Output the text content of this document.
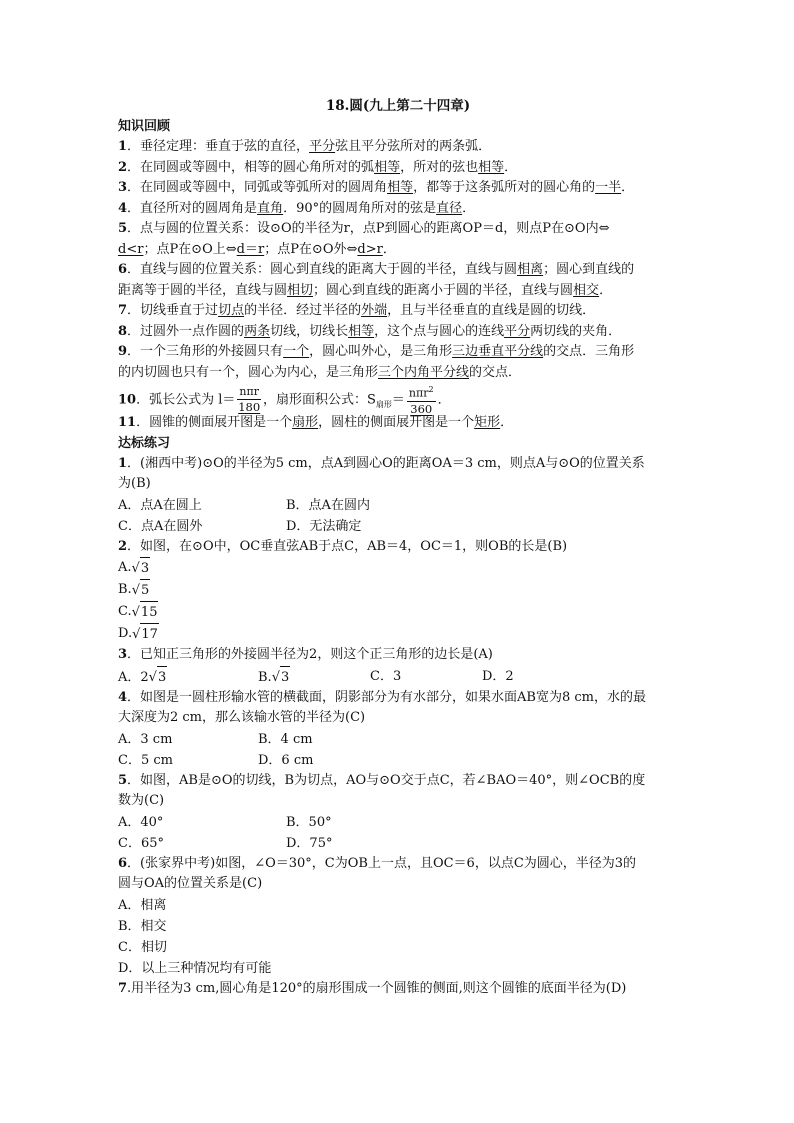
18.圆(九上第二十四章)
知识回顾
1．垂径定理：垂直于弦的直径，平分弦且平分弦所对的两条弧．
2．在同圆或等圆中，相等的圆心角所对的弧相等，所对的弦也相等．
3．在同圆或等圆中，同弧或等弧所对的圆周角相等，都等于这条弧所对的圆心角的一半．
4．直径所对的圆周角是直角．90°的圆周角所对的弦是直径．
5．点与圆的位置关系：设⊙O的半径为r，点P到圆心的距离OP＝d，则点P在⊙O内⇔
d<r；点P在⊙O上⇔d＝r；点P在⊙O外⇔d>r．
6．直线与圆的位置关系：圆心到直线的距离大于圆的半径，直线与圆相离；圆心到直线的
距离等于圆的半径，直线与圆相切；圆心到直线的距离小于圆的半径，直线与圆相交．
7．切线垂直于过切点的半径．经过半径的外端，且与半径垂直的直线是圆的切线．
8．过圆外一点作圆的两条切线，切线长相等，这个点与圆心的连线平分两切线的夹角．
9．一个三角形的外接圆只有一个，圆心叫外心，是三角形三边垂直平分线的交点．三角形
的内切圆也只有一个，圆心为内心，是三角形三个内角平分线的交点．
10．弧长公式为 $l= \frac{\text{nπr}}{180}$ ，扇形面积公式：$S_{扇形}= \frac{n\pi r^2}{360}$ ．
11．圆锥的侧面展开图是一个扇形，圆柱的侧面展开图是一个矩形．
达标练习
1．(湘西中考)⊙O的半径为5 cm，点A到圆心O的距离OA＝3 cm，则点A与⊙O的位置关系
为(B)
A．点A在圆上	B．点A在圆内
C．点A在圆外	D．无法确定
2．如图，在⊙O中，OC垂直弦AB于点C，AB＝4，OC＝1，则OB的长是(B)
A. √3
B. √5
C. √15
D. √17
3．已知正三角形的外接圆半径为2，则这个正三角形的边长是(A)
A．2√3	B.√3	C．3	D．2
4．如图是一圆柱形输水管的横截面，阴影部分为有水部分，如果水面AB宽为8 cm，水的最
大深度为2 cm，那么该输水管的半径为(C)
A．3 cm	B．4 cm
C．5 cm	D．6 cm
5．如图，AB是⊙O的切线，B为切点，AO与⊙O交于点C，若∠BAO＝40°，则∠OCB的度
数为(C)
A．40°	B．50°
C．65°	D．75°
6．(张家界中考)如图，∠O＝30°，C为OB上一点，且OC＝6，以点C为圆心，半径为3的
圆与OA的位置关系是(C)
A．相离
B．相交
C．相切
D．以上三种情况均有可能
7.用半径为3 cm,圆心角是120°的扇形围成一个圆锥的侧面,则这个圆锥的底面半径为(D)
